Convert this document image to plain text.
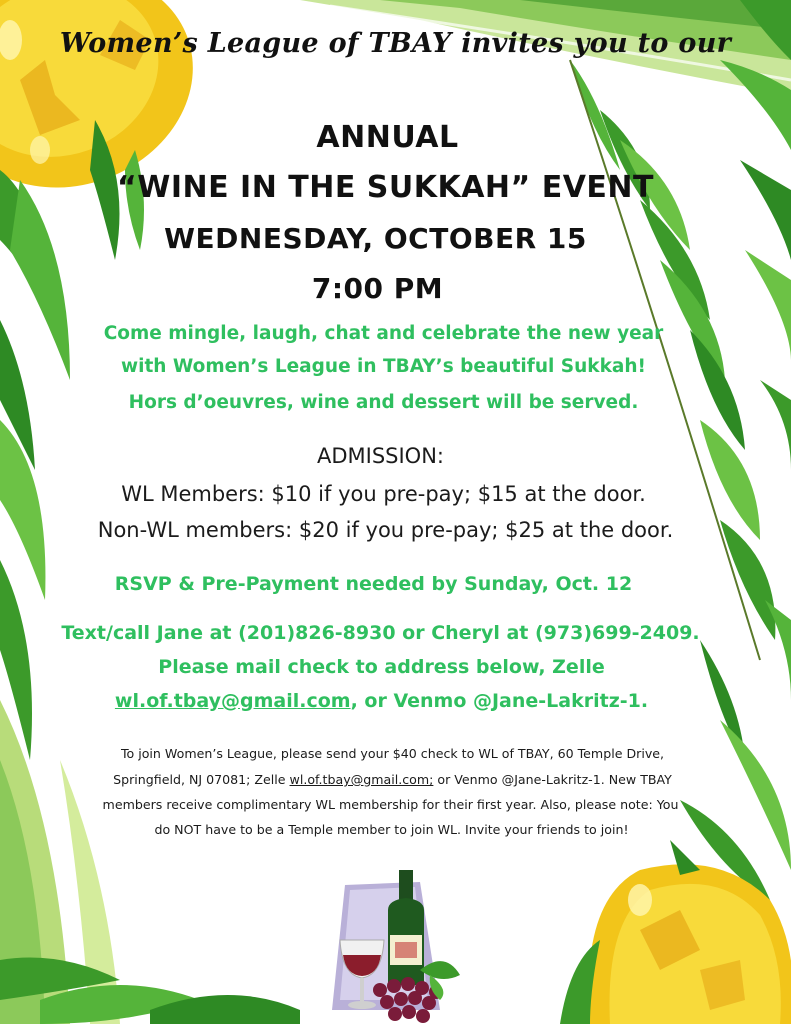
Women’s League of TBAY invites you to our

ANNUAL
“WINE IN THE SUKKAH” EVENT
WEDNESDAY, OCTOBER 15
7:00 PM

Come mingle, laugh, chat and celebrate the new year

with Women’s League in TBAY’s beautiful Sukkah!

Hors d’oeuvres, wine and dessert will be served.

ADMISSION:

WL Members: $10 if you pre-pay; $15 at the door.

Non-WL members: $20 if you pre-pay; $25 at the door.

RSVP & Pre-Payment needed by Sunday, Oct. 12

Text/call Jane at (201)826-8930 or Cheryl at (973)699-2409.

Please mail check to address below, Zelle

wl.of.tbay@gmail.com, or Venmo @Jane-Lakritz-1.

To join Women’s League, please send your $40 check to WL of TBAY, 60 Temple Drive,

Springfield, NJ 07081; Zelle wl.of.tbay@gmail.com; or Venmo @Jane-Lakritz-1. New TBAY

members receive complimentary WL membership for their first year. Also, please note: You

do NOT have to be a Temple member to join WL. Invite your friends to join!
